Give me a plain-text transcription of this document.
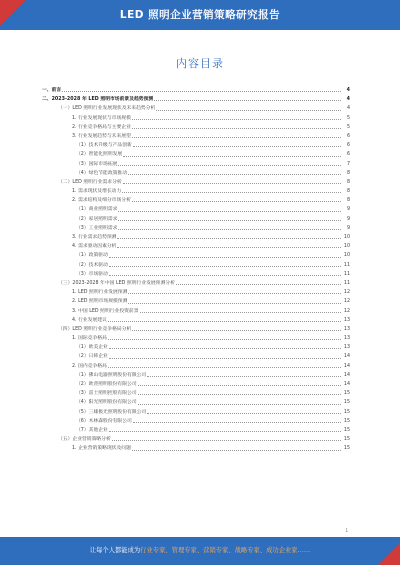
LED 照明企业营销策略研究报告
内容目录
一、前言	4
二、2023-2028 年 LED 照明市场前景及趋势预测	4
（一）LED 照明行业发展现状及未来趋势分析	4
1. 行业发展现状与市场规模	5
2. 行业竞争格局与主要企业	5
3. 行业发展趋势与未来展望	6
（1）技术升级与产品创新	6
（2）智能化照明发展	6
（3）国际市场拓展	7
（4）绿色节能政策推动	8
（二）LED 照明行业需求分析	8
1. 需求现状及增长动力	8
2. 需求结构及细分市场分析	8
（1）商业照明需求	9
（2）家居照明需求	9
（3）工业照明需求	9
3. 行业需求趋势预测	10
4. 需求驱动因素分析	10
（1）政策驱动	10
（2）技术驱动	11
（3）市场驱动	11
（三）2023-2028 年中国 LED 照明行业发展预测分析	11
1. LED 照明行业发展预测	12
2. LED 照明市场规模预测	12
3. 中国 LED 照明行业投资前景	12
4. 行业发展建议	13
（四）LED 照明行业竞争格局分析	13
1. 国际竞争格局	13
（1）欧美企业	13
（2）日韩企业	14
2. 国内竞争格局	14
（1）佛山电器照明股份有限公司	14
（2）欧普照明股份有限公司	14
（3）雷士照明控股有限公司	15
（4）阳光照明股份有限公司	15
（5）三雄极光照明股份有限公司	15
（6）木林森股份有限公司	15
（7）其他企业	15
（五）企业营销策略分析	15
1. 企业营销策略现状及问题	15
1
让每个人都能成为行业专家、管理专家、营销专家、战略专家、成功企业家……
